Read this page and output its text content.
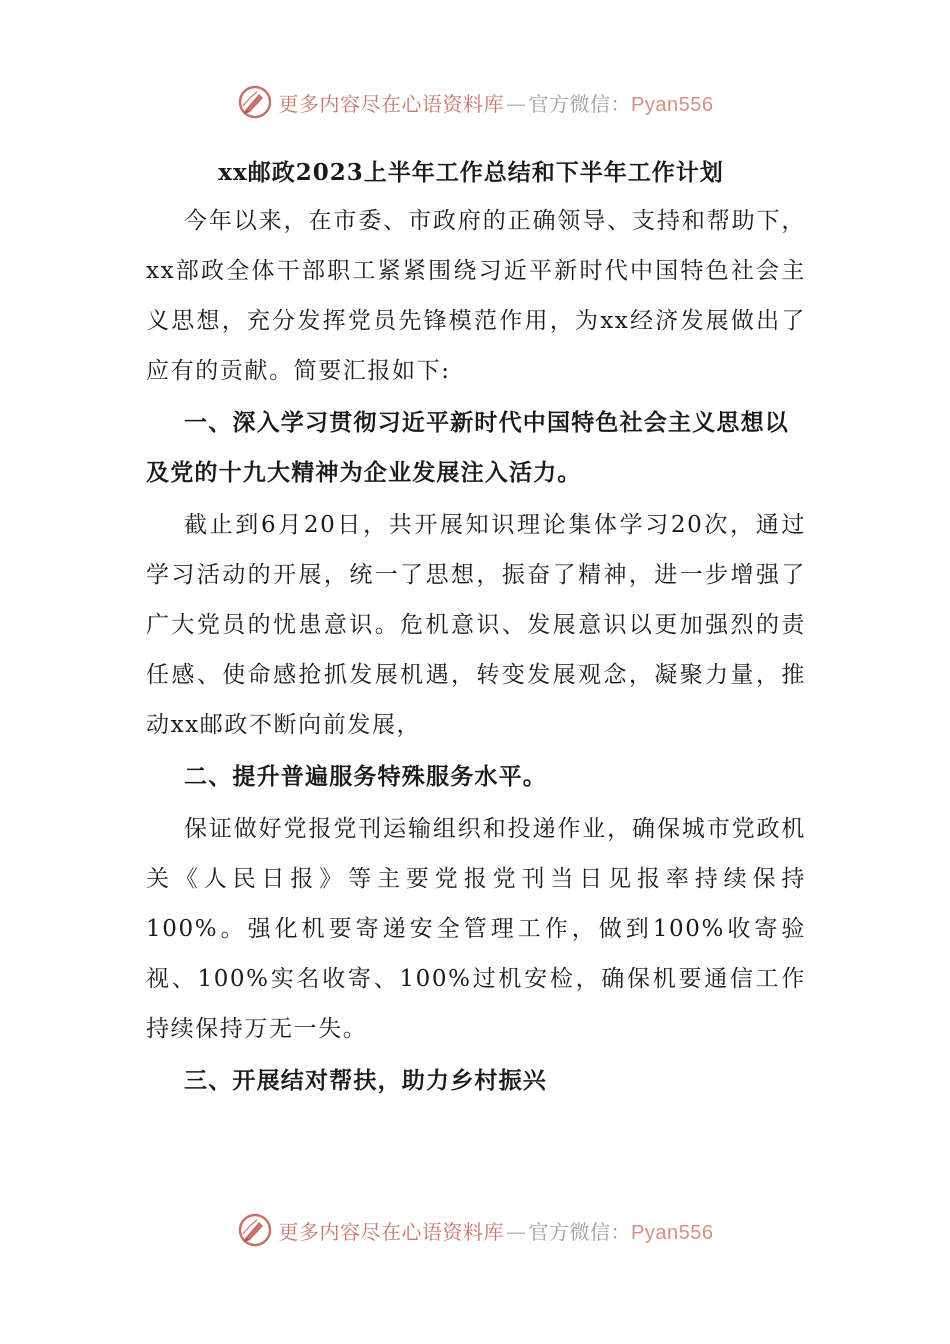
更多内容尽在心语资料库 — 官方微信：Pyan556
xx邮政2023上半年工作总结和下半年工作计划

今年以来，在市委、市政府的正确领导、支持和帮助下，xx部政全体干部职工紧紧围绕习近平新时代中国特色社会主义思想，充分发挥党员先锋模范作用，为xx经济发展做出了应有的贡献。简要汇报如下:

一、深入学习贯彻习近平新时代中国特色社会主义思想以及党的十九大精神为企业发展注入活力。

截止到6月20日，共开展知识理论集体学习20次，通过学习活动的开展，统一了思想，振奋了精神，进一步增强了广大党员的忧患意识。危机意识、发展意识以更加强烈的责任感、使命感抢抓发展机遇，转变发展观念，凝聚力量，推动xx邮政不断向前发展，

二、提升普遍服务特殊服务水平。

保证做好党报党刊运输组织和投递作业，确保城市党政机关《人民日报》等主要党报党刊当日见报率持续保持100%。强化机要寄递安全管理工作，做到100%收寄验视、100%实名收寄、100%过机安检，确保机要通信工作持续保持万无一失。

三、开展结对帮扶，助力乡村振兴

更多内容尽在心语资料库 — 官方微信：Pyan556
